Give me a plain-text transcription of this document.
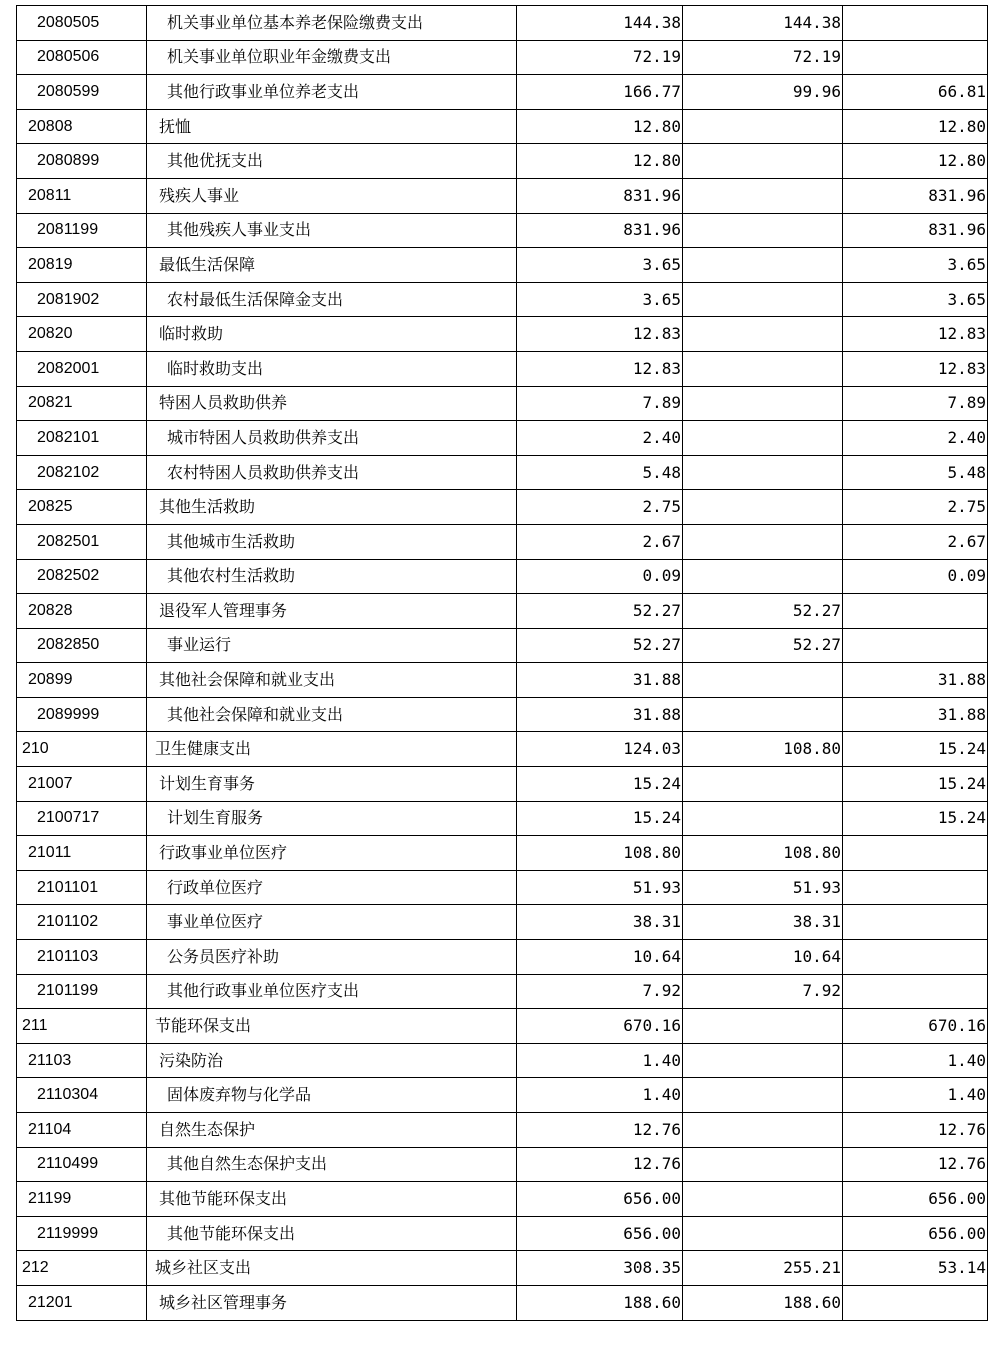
2080505	机关事业单位基本养老保险缴费支出	144.38	144.38	
2080506	机关事业单位职业年金缴费支出	72.19	72.19	
2080599	其他行政事业单位养老支出	166.77	99.96	66.81
20808	抚恤	12.80		12.80
2080899	其他优抚支出	12.80		12.80
20811	残疾人事业	831.96		831.96
2081199	其他残疾人事业支出	831.96		831.96
20819	最低生活保障	3.65		3.65
2081902	农村最低生活保障金支出	3.65		3.65
20820	临时救助	12.83		12.83
2082001	临时救助支出	12.83		12.83
20821	特困人员救助供养	7.89		7.89
2082101	城市特困人员救助供养支出	2.40		2.40
2082102	农村特困人员救助供养支出	5.48		5.48
20825	其他生活救助	2.75		2.75
2082501	其他城市生活救助	2.67		2.67
2082502	其他农村生活救助	0.09		0.09
20828	退役军人管理事务	52.27	52.27	
2082850	事业运行	52.27	52.27	
20899	其他社会保障和就业支出	31.88		31.88
2089999	其他社会保障和就业支出	31.88		31.88
210	卫生健康支出	124.03	108.80	15.24
21007	计划生育事务	15.24		15.24
2100717	计划生育服务	15.24		15.24
21011	行政事业单位医疗	108.80	108.80	
2101101	行政单位医疗	51.93	51.93	
2101102	事业单位医疗	38.31	38.31	
2101103	公务员医疗补助	10.64	10.64	
2101199	其他行政事业单位医疗支出	7.92	7.92	
211	节能环保支出	670.16		670.16
21103	污染防治	1.40		1.40
2110304	固体废弃物与化学品	1.40		1.40
21104	自然生态保护	12.76		12.76
2110499	其他自然生态保护支出	12.76		12.76
21199	其他节能环保支出	656.00		656.00
2119999	其他节能环保支出	656.00		656.00
212	城乡社区支出	308.35	255.21	53.14
21201	城乡社区管理事务	188.60	188.60	
